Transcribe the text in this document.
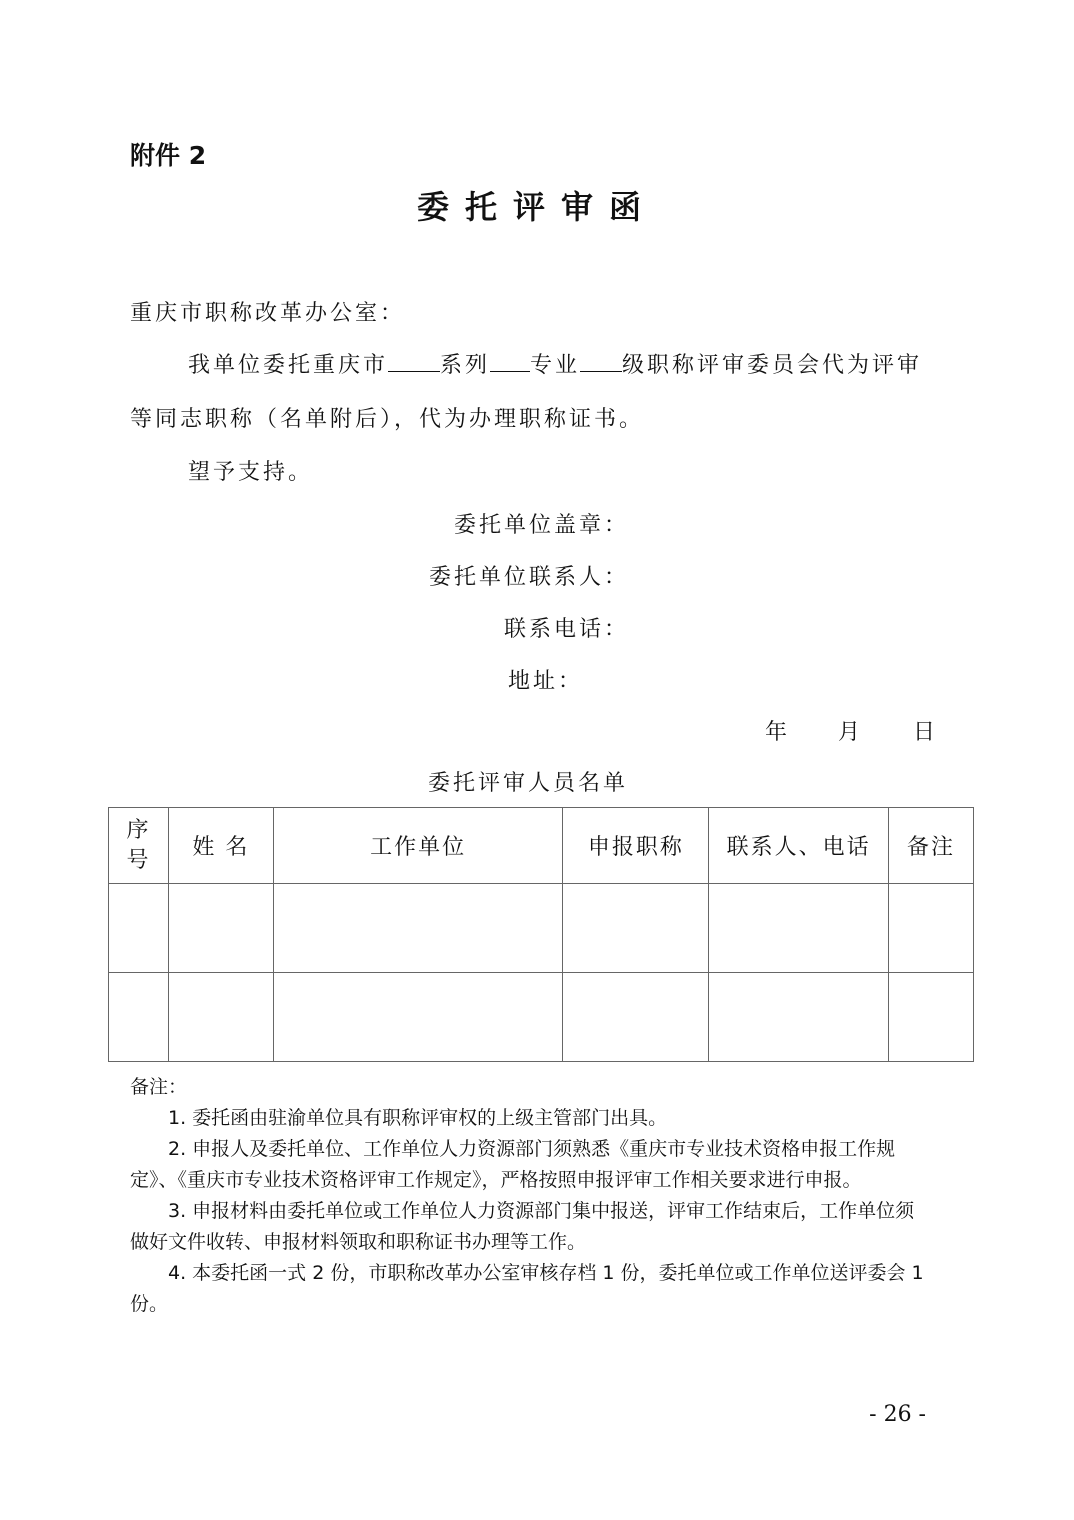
附件 2
委托评审函
重庆市职称改革办公室：
我单位委托重庆市 系列 专业 级职称评审委员会代为评审
等同志职称（名单附后），代为办理职称证书。
望予支持。
委托单位盖章：
委托单位联系人：
联系电话：
地址：
年 月 日
委托评审人员名单
序号	姓 名	工作单位	申报职称	联系人、电话	备注

备注：

1. 委托函由驻渝单位具有职称评审权的上级主管部门出具。

2. 申报人及委托单位、工作单位人力资源部门须熟悉《重庆市专业技术资格申报工作规定》、《重庆市专业技术资格评审工作规定》，严格按照申报评审工作相关要求进行申报。

3. 申报材料由委托单位或工作单位人力资源部门集中报送，评审工作结束后，工作单位须做好文件收转、申报材料领取和职称证书办理等工作。

4. 本委托函一式 2 份，市职称改革办公室审核存档 1 份，委托单位或工作单位送评委会 1 份。

- 26 -
